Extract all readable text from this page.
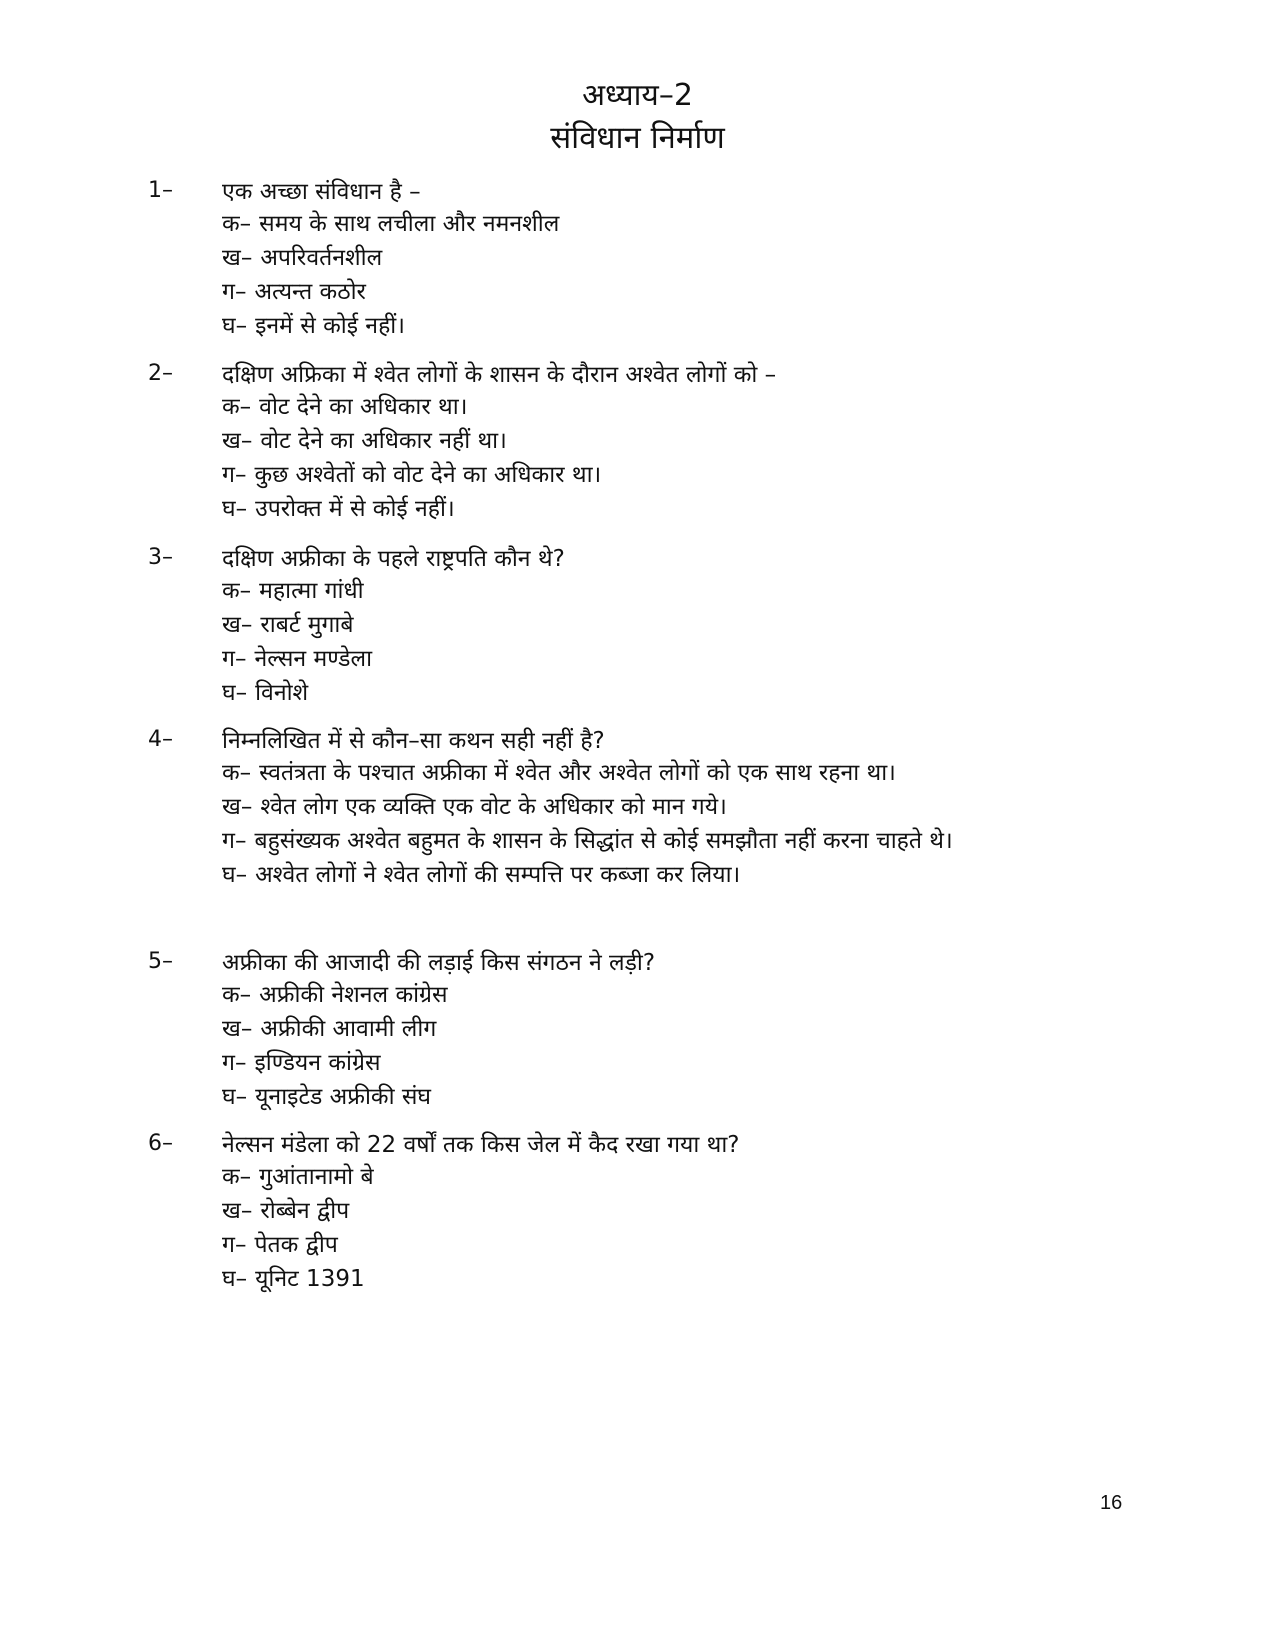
अध्याय–2
संविधान निर्माण
1–	एक अच्छा संविधान है –
क– समय के साथ लचीला और नमनशील
ख– अपरिवर्तनशील
ग– अत्यन्त कठोर
घ– इनमें से कोई नहीं।
2–	दक्षिण अफ्रिका में श्वेत लोगों के शासन के दौरान अश्वेत लोगों को –
क– वोट देने का अधिकार था।
ख– वोट देने का अधिकार नहीं था।
ग– कुछ अश्वेतों को वोट देने का अधिकार था।
घ– उपरोक्त में से कोई नहीं।
3–	दक्षिण अफ्रीका के पहले राष्ट्रपति कौन थे?
क– महात्मा गांधी
ख– राबर्ट मुगाबे
ग– नेल्सन मण्डेला
घ– विनोशे
4–	निम्नलिखित में से कौन–सा कथन सही नहीं है?
क– स्वतंत्रता के पश्चात अफ्रीका में श्वेत और अश्वेत लोगों को एक साथ रहना था।
ख– श्वेत लोग एक व्यक्ति एक वोट के अधिकार को मान गये।
ग– बहुसंख्यक अश्वेत बहुमत के शासन के सिद्धांत से कोई समझौता नहीं करना चाहते थे।
घ– अश्वेत लोगों ने श्वेत लोगों की सम्पत्ति पर कब्जा कर लिया।
5–	अफ्रीका की आजादी की लड़ाई किस संगठन ने लड़ी?
क– अफ्रीकी नेशनल कांग्रेस
ख– अफ्रीकी आवामी लीग
ग– इण्डियन कांग्रेस
घ– यूनाइटेड अफ्रीकी संघ
6–	नेल्सन मंडेला को 22 वर्षों तक किस जेल में कैद रखा गया था?
क– गुआंतानामो बे
ख– रोब्बेन द्वीप
ग– पेतक द्वीप
घ– यूनिट 1391
16
